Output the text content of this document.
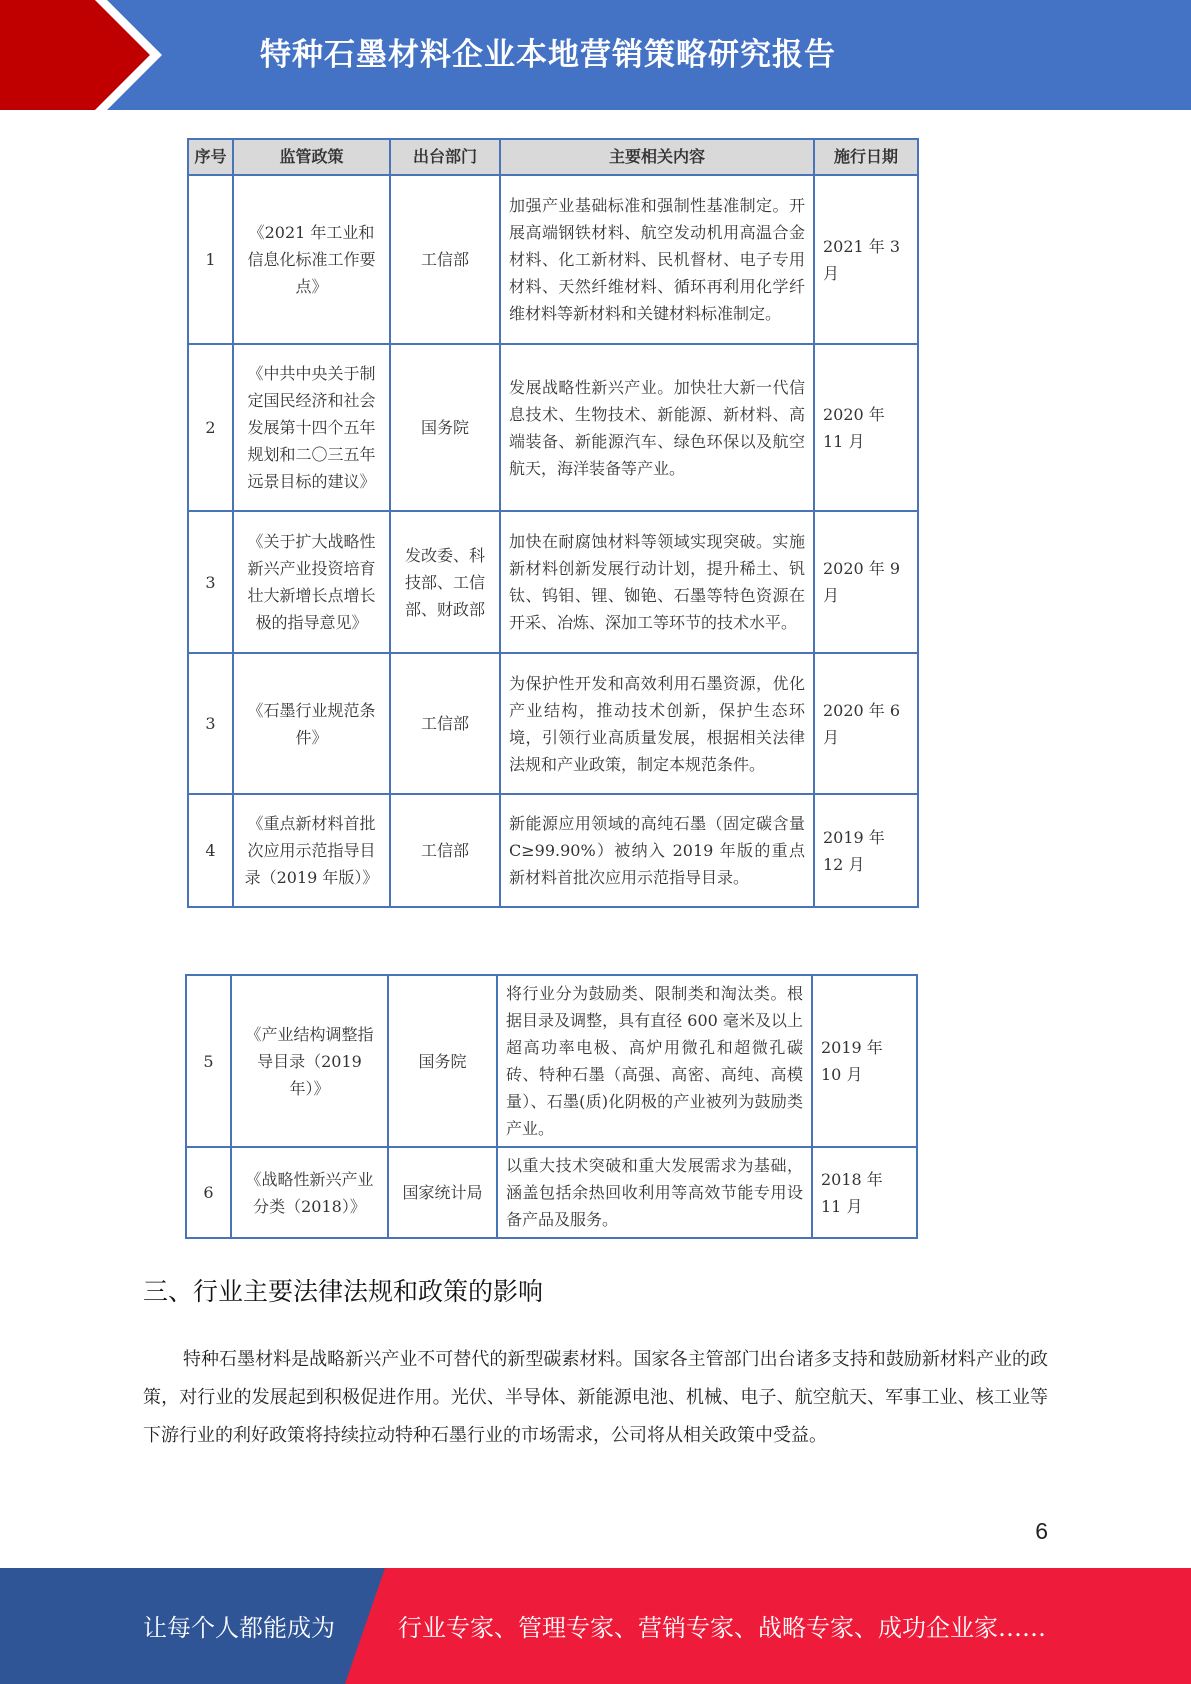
特种石墨材料企业本地营销策略研究报告
序号	监管政策	出台部门	主要相关内容	施行日期
1	《2021 年工业和信息化标准工作要点》	工信部	加强产业基础标准和强制性基准制定。开展高端钢铁材料、航空发动机用高温合金材料、化工新材料、民机督材、电子专用材料、天然纤维材料、循环再利用化学纤维材料等新材料和关键材料标准制定。	2021 年 3 月
2	《中共中央关于制定国民经济和社会发展第十四个五年规划和二〇三五年远景目标的建议》	国务院	发展战略性新兴产业。加快壮大新一代信息技术、生物技术、新能源、新材料、高端装备、新能源汽车、绿色环保以及航空航天，海洋装备等产业。	2020 年 11 月
3	《关于扩大战略性新兴产业投资培育壮大新增长点增长极的指导意见》	发改委、科技部、工信部、财政部	加快在耐腐蚀材料等领域实现突破。实施新材料创新发展行动计划，提升稀土、钒钛、钨钼、锂、铷铯、石墨等特色资源在开采、冶炼、深加工等环节的技术水平。	2020 年 9 月
3	《石墨行业规范条件》	工信部	为保护性开发和高效利用石墨资源，优化产业结构，推动技术创新，保护生态环境，引领行业高质量发展，根据相关法律法规和产业政策，制定本规范条件。	2020 年 6 月
4	《重点新材料首批次应用示范指导目录（2019 年版）》	工信部	新能源应用领域的高纯石墨（固定碳含量 C≥99.90%）被纳入 2019 年版的重点新材料首批次应用示范指导目录。	2019 年 12 月
5	《产业结构调整指导目录（2019 年）》	国务院	将行业分为鼓励类、限制类和淘汰类。根据目录及调整，具有直径 600 毫米及以上超高功率电极、高炉用微孔和超微孔碳砖、特种石墨（高强、高密、高纯、高模量）、石墨(质)化阴极的产业被列为鼓励类产业。	2019 年 10 月
6	《战略性新兴产业分类（2018）》	国家统计局	以重大技术突破和重大发展需求为基础，涵盖包括余热回收利用等高效节能专用设备产品及服务。	2018 年 11 月
三、行业主要法律法规和政策的影响
特种石墨材料是战略新兴产业不可替代的新型碳素材料。国家各主管部门出台诸多支持和鼓励新材料产业的政策，对行业的发展起到积极促进作用。光伏、半导体、新能源电池、机械、电子、航空航天、军事工业、核工业等下游行业的利好政策将持续拉动特种石墨行业的市场需求，公司将从相关政策中受益。
6
让每个人都能成为	行业专家、管理专家、营销专家、战略专家、成功企业家……
